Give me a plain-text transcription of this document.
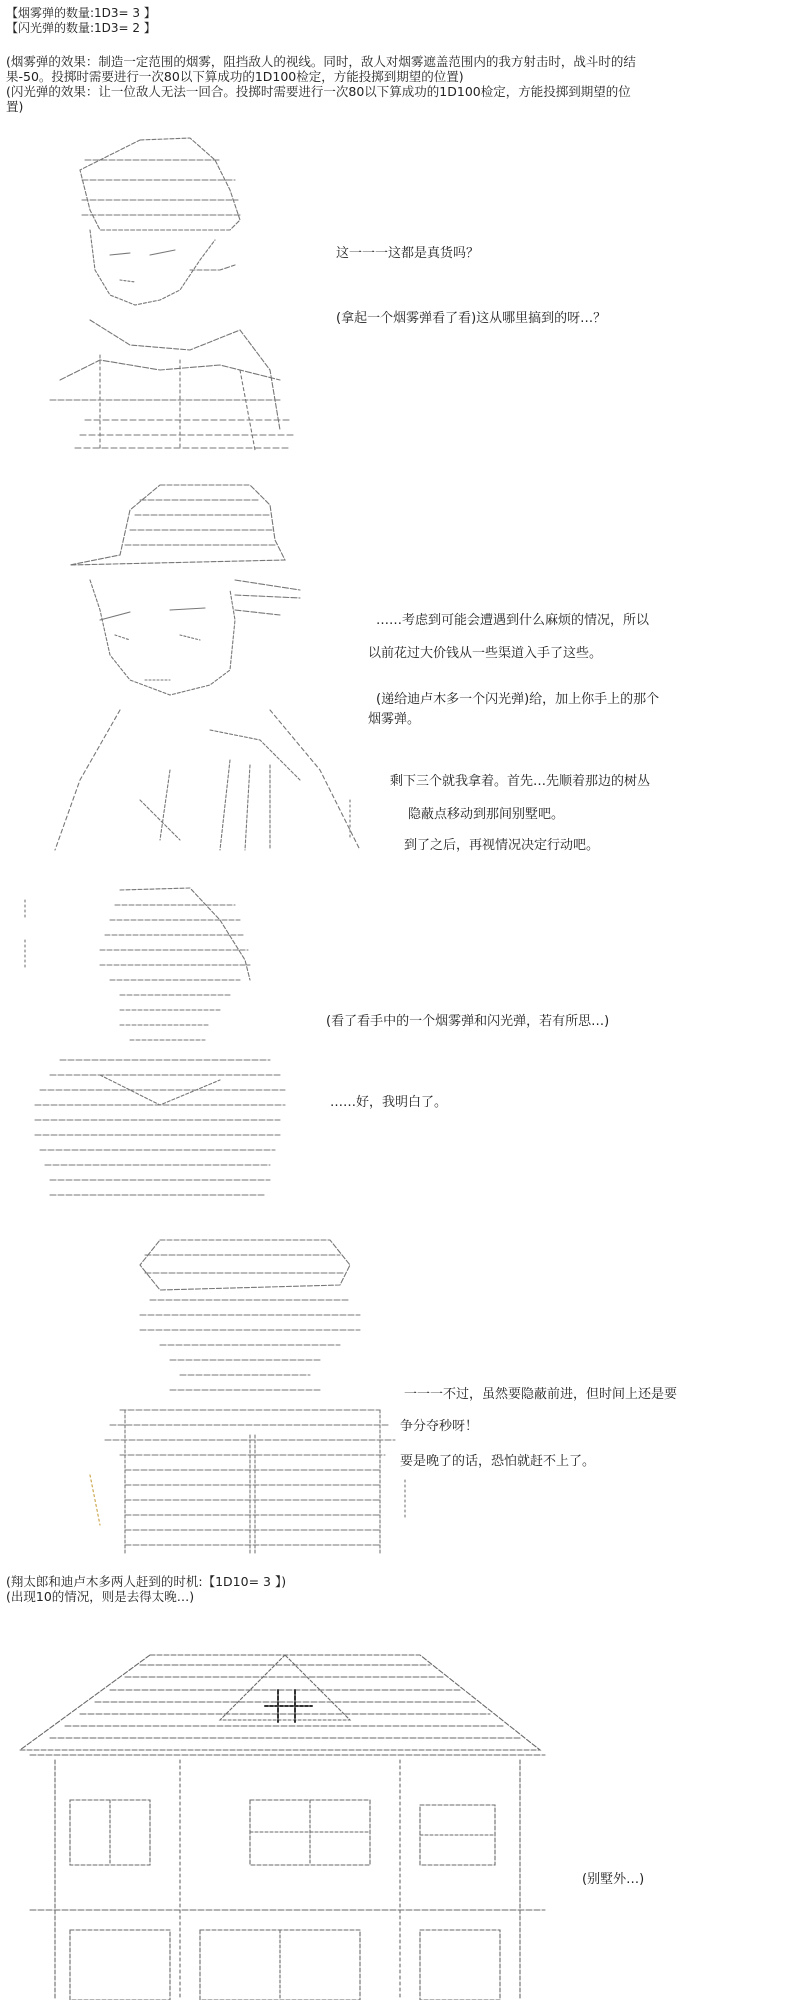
【烟雾弹的数量:1D3= 3 】
【闪光弹的数量:1D3= 2 】
(烟雾弹的效果：制造一定范围的烟雾，阻挡敌人的视线。同时，敌人对烟雾遮盖范围内的我方射击时，战斗时的结果-50。投掷时需要进行一次80以下算成功的1D100检定，方能投掷到期望的位置)
(闪光弹的效果：让一位敌人无法一回合。投掷时需要进行一次80以下算成功的1D100检定，方能投掷到期望的位置)
这一一一这都是真货吗？
(拿起一个烟雾弹看了看)这从哪里搞到的呀…？
……考虑到可能会遭遇到什么麻烦的情况，所以
以前花过大价钱从一些渠道入手了这些。
(递给迪卢木多一个闪光弹)给，加上你手上的那个
烟雾弹。
剩下三个就我拿着。首先…先顺着那边的树丛
隐蔽点移动到那间别墅吧。
到了之后，再视情况决定行动吧。
(看了看手中的一个烟雾弹和闪光弹，若有所思…)
……好，我明白了。
一一一不过，虽然要隐蔽前进，但时间上还是要
争分夺秒呀！
要是晚了的话，恐怕就赶不上了。
(翔太郎和迪卢木多两人赶到的时机:【1D10= 3 】)
(出现10的情况，则是去得太晚…)
(别墅外…)
